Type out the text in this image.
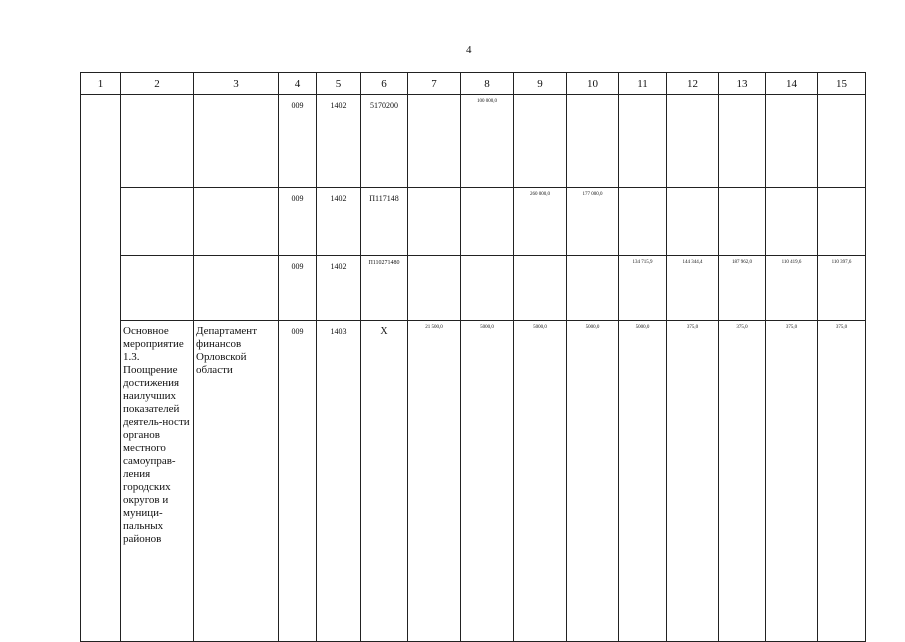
4
1	2	3	4	5	6	7	8	9	10	11	12	13	14	15
			009	1402	5170200		100 000,0							
			009	1402	П117148			260 000,0	177 000,0					
			009	1402	П110271480					134 715,9	144 344,4	187 962,0	110 419,6	110 397,6
	Основное мероприятие 1.3. Поощрение достижения наилучших показателей деятель-ности органов местного самоуправ-ления городских округов и муници-пальных районов	Департамент финансов Орловской области	009	1403	Х	21 500,0	5000,0	5000,0	5000,0	5000,0	375,0	375,0	375,0	375,0
